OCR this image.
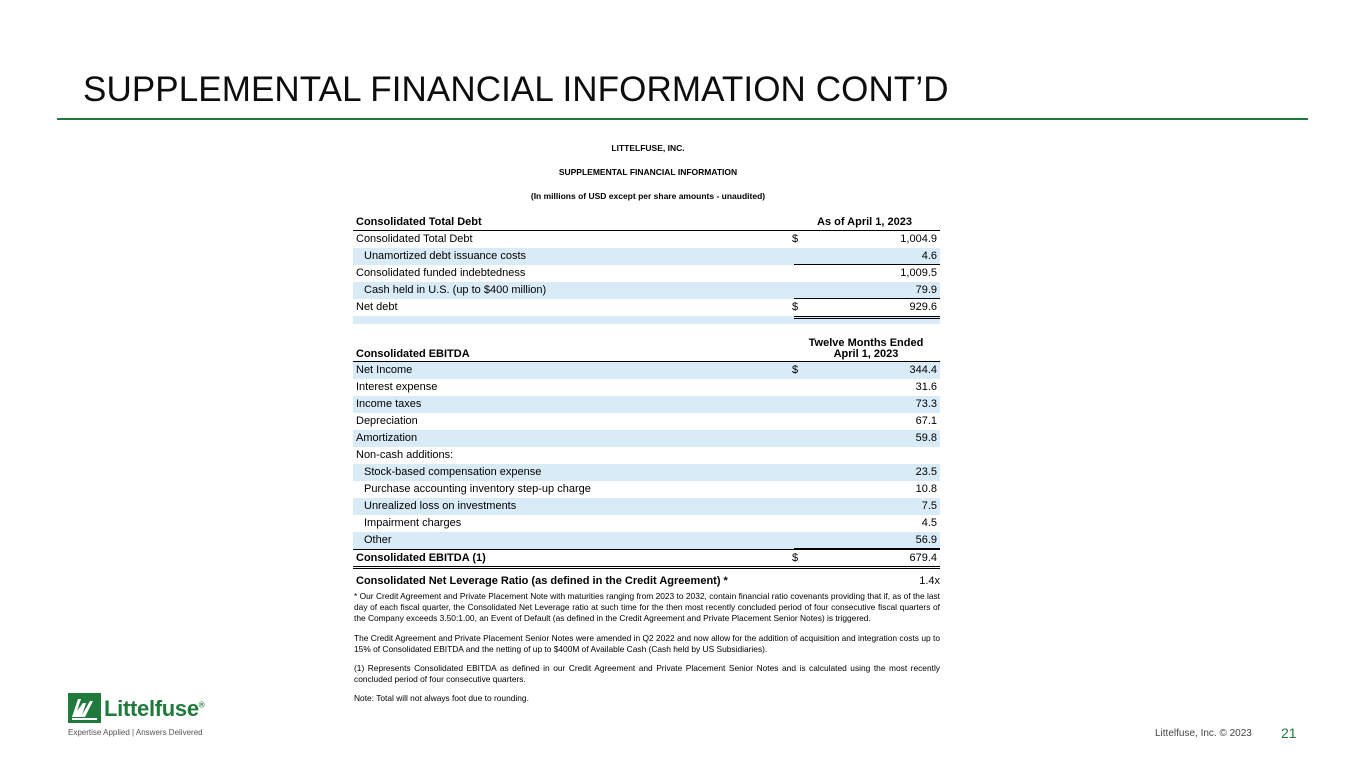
SUPPLEMENTAL FINANCIAL INFORMATION CONT’D
LITTELFUSE, INC.
SUPPLEMENTAL FINANCIAL INFORMATION
(In millions of USD except per share amounts - unaudited)
Consolidated Total Debt	As of April 1, 2023
Consolidated Total Debt	$	1,004.9
Unamortized debt issuance costs	4.6
Consolidated funded indebtedness	1,009.5
Cash held in U.S. (up to $400 million)	79.9
Net debt	$	929.6
Consolidated EBITDA
Twelve Months Ended
April 1, 2023
Net Income	$	344.4
Interest expense	31.6
Income taxes	73.3
Depreciation	67.1
Amortization	59.8
Non-cash additions:
Stock-based compensation expense	23.5
Purchase accounting inventory step-up charge	10.8
Unrealized loss on investments	7.5
Impairment charges	4.5
Other	56.9
Consolidated EBITDA (1)	$	679.4
Consolidated Net Leverage Ratio (as defined in the Credit Agreement) *	1.4x

* Our Credit Agreement and Private Placement Note with maturities ranging from 2023 to 2032, contain financial ratio covenants providing that if, as of the last day of each fiscal quarter, the Consolidated Net Leverage ratio at such time for the then most recently concluded period of four consecutive fiscal quarters of the Company exceeds 3.50:1.00, an Event of Default (as defined in the Credit Agreement and Private Placement Senior Notes) is triggered.

The Credit Agreement and Private Placement Senior Notes were amended in Q2 2022 and now allow for the addition of acquisition and integration costs up to 15% of Consolidated EBITDA and the netting of up to $400M of Available Cash (Cash held by US Subsidiaries).

(1) Represents Consolidated EBITDA as defined in our Credit Agreement and Private Placement Senior Notes and is calculated using the most recently concluded period of four consecutive quarters.

Note: Total will not always foot due to rounding.

Littelfuse®
Expertise Applied | Answers Delivered	Littelfuse, Inc. © 2023 21
